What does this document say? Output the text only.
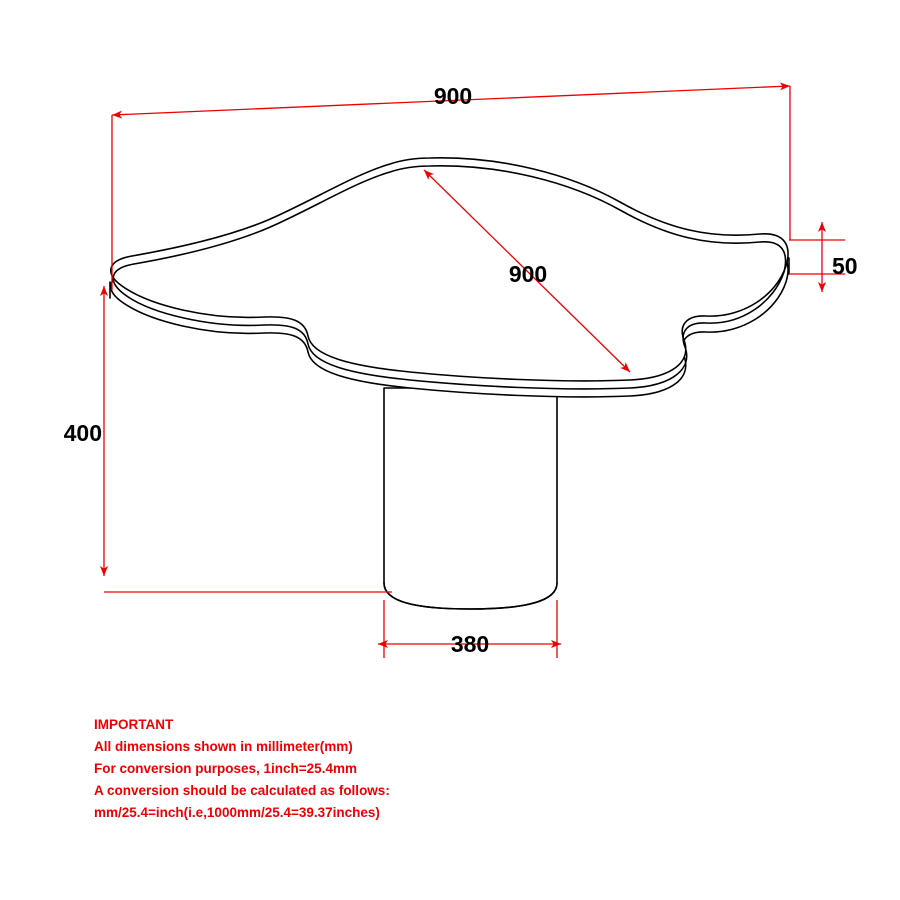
900
900	50
400
380
IMPORTANT
All dimensions shown in millimeter(mm)
For conversion purposes, 1inch=25.4mm
A conversion should be calculated as follows:
mm/25.4=inch(i.e,1000mm/25.4=39.37inches)
